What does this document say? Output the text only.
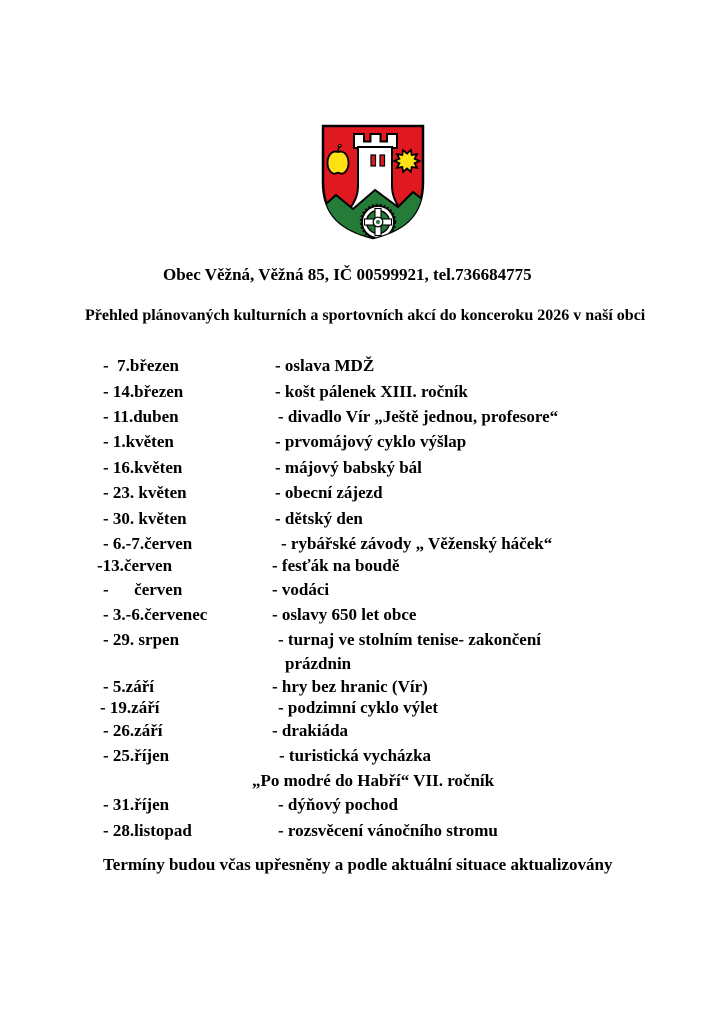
Obec Věžná, Věžná 85, IČ 00599921, tel.736684775
Přehled plánovaných kulturních a sportovních akcí do konceroku 2026 v naší obci
-  7.březen	- oslava MDŽ
- 14.březen	- košt pálenek XIII. ročník
- 11.duben	- divadlo Vír „Ještě jednou, profesore“
- 1.květen	- prvomájový cyklo výšlap
- 16.květen	- májový babský bál
- 23. květen	- obecní zájezd
- 30. květen	- dětský den
- 6.-7.červen	- rybářské závody „ Věženský háček“
-13.červen	- fesťák na boudě
-      červen	- vodáci
- 3.-6.červenec	- oslavy 650 let obce
- 29. srpen	- turnaj ve stolním tenise- zakončení
prázdnin
- 5.září	- hry bez hranic (Vír)
- 19.září	- podzimní cyklo výlet
- 26.září	- drakiáda
- 25.říjen	- turistická vycházka
„Po modré do Habří“ VII. ročník
- 31.říjen	- dýňový pochod
- 28.listopad	- rozsvěcení vánočního stromu
Termíny budou včas upřesněny a podle aktuální situace aktualizovány
